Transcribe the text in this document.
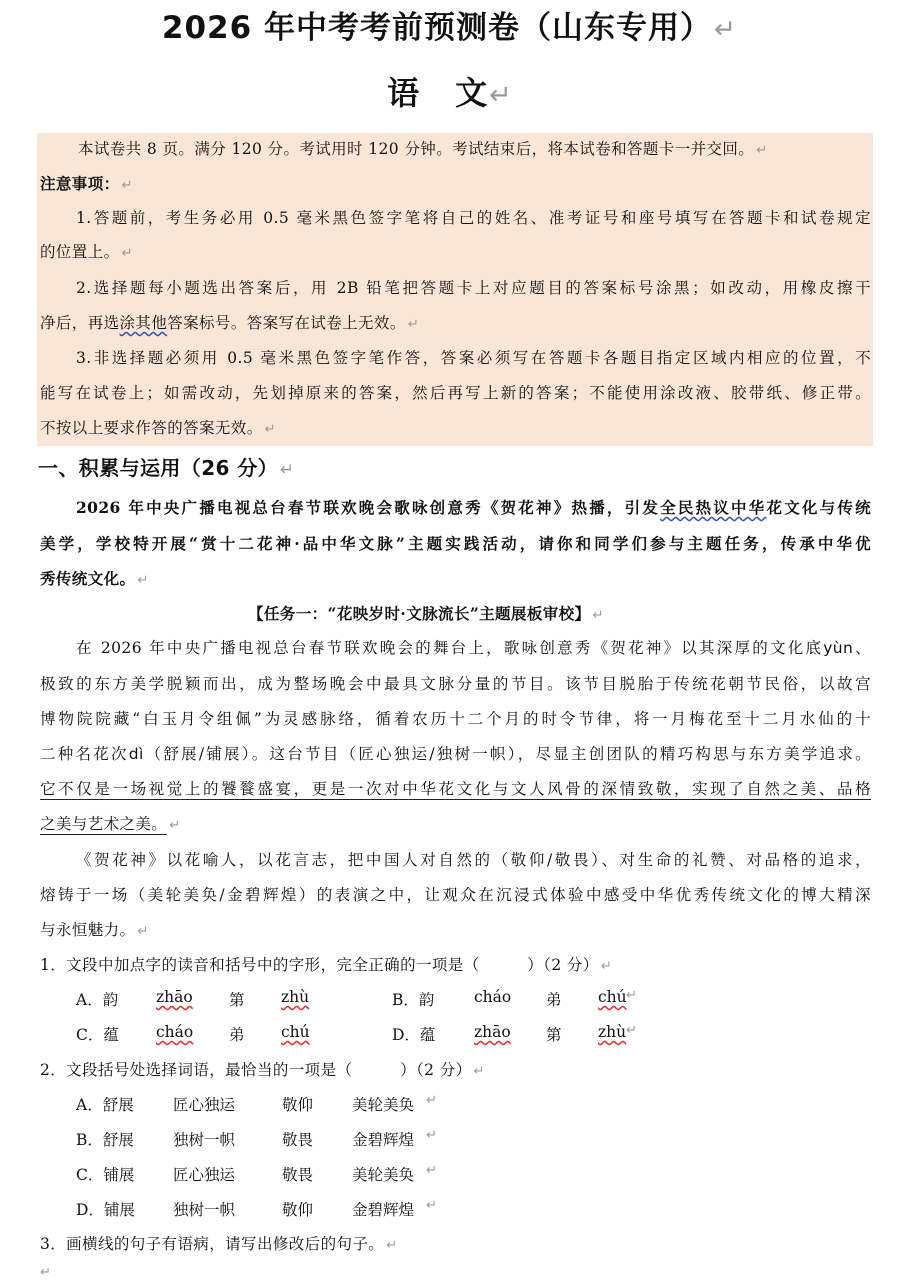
2026 年中考考前预测卷（山东专用）↵
语 文↵
本试卷共 8 页。满分 120 分。考试用时 120 分钟。考试结束后，将本试卷和答题卡一并交回。 ↵
注意事项： ↵
1.答题前，考生务必用 0.5 毫米黑色签字笔将自己的姓名、准考证号和座号填写在答题卡和试卷规定
的位置上。 ↵
2.选择题每小题选出答案后，用 2B 铅笔把答题卡上对应题目的答案标号涂黑；如改动，用橡皮擦干
净后，再选涂其他答案标号。答案写在试卷上无效。 ↵
3.非选择题必须用 0.5 毫米黑色签字笔作答，答案必须写在答题卡各题目指定区域内相应的位置，不
能写在试卷上；如需改动，先划掉原来的答案，然后再写上新的答案；不能使用涂改液、胶带纸、修正带。
不按以上要求作答的答案无效。 ↵
一、积累与运用（26 分） ↵
2026 年中央广播电视总台春节联欢晚会歌咏创意秀《贺花神》热播，引发全民热议中华花文化与传统
美学，学校特开展“赏十二花神·品中华文脉”主题实践活动，请你和同学们参与主题任务，传承中华优
秀传统文化。 ↵
【任务一：“花映岁时·文脉流长”主题展板审校】 ↵
在 2026 年中央广播电视总台春节联欢晚会的舞台上，歌咏创意秀《贺花神》以其深厚的文化底yùn、
极致的东方美学脱颖而出，成为整场晚会中最具文脉分量的节目。该节目脱胎于传统花朝节民俗，以故宫
博物院院藏“白玉月令组佩”为灵感脉络，循着农历十二个月的时令节律，将一月梅花至十二月水仙的十
二种名花次dì（舒展/铺展）。这台节目（匠心独运/独树一帜），尽显主创团队的精巧构思与东方美学追求。
它不仅是一场视觉上的饕餮盛宴，更是一次对中华花文化与文人风骨的深情致敬，实现了自然之美、品格
之美与艺术之美。 ↵
《贺花神》以花喻人，以花言志，把中国人对自然的（敬仰/敬畏）、对生命的礼赞、对品格的追求，
熔铸于一场（美轮美奂/金碧辉煌）的表演之中，让观众在沉浸式体验中感受中华优秀传统文化的博大精深
与永恒魅力。 ↵
1．文段中加点字的读音和括号中的字形，完全正确的一项是（　　　）（2 分） ↵
A．韵 zhāo 第 zhù	B．韵	cháo 弟 chú ↵
C．蕴 cháo 弟 chú	D．蕴 zhāo 第 zhù ↵
2．文段括号处选择词语，最恰当的一项是（　　　）（2 分） ↵
A．舒展	匠心独运	敬仰	美轮美奂 ↵
B．舒展	独树一帜	敬畏	金碧辉煌 ↵
C．铺展 匠心独运	敬畏	美轮美奂 ↵
D．铺展 独树一帜	敬仰	金碧辉煌 ↵
3．画横线的句子有语病，请写出修改后的句子。 ↵
↵
